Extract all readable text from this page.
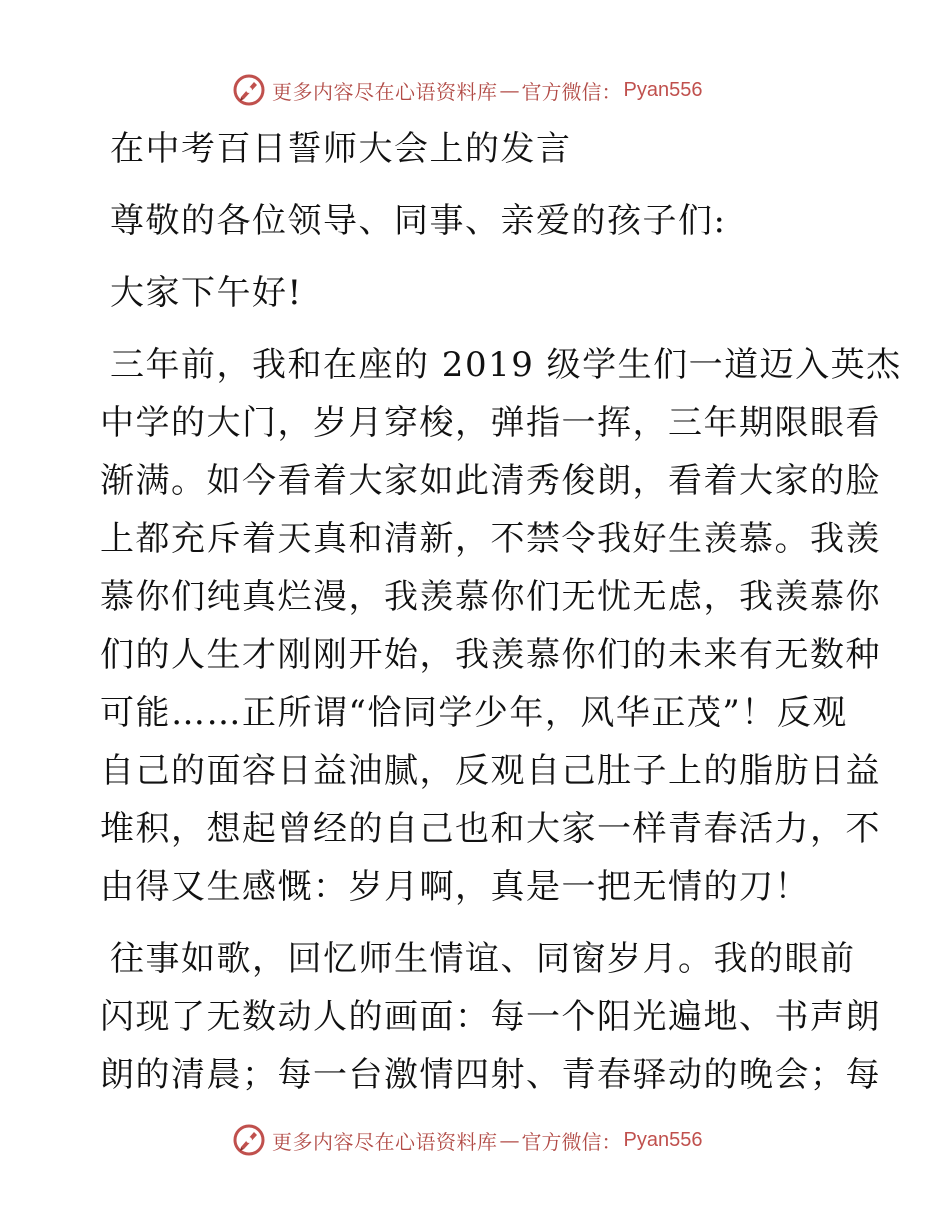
更多内容尽在心语资料库 — 官方微信： Pyan556
在中考百日誓师大会上的发言
尊敬的各位领导、同事、亲爱的孩子们:
大家下午好!

三年前，我和在座的 2019 级学生们一道迈入英杰

中学的大门，岁月穿梭，弹指一挥，三年期限眼看

渐满。如今看着大家如此清秀俊朗，看着大家的脸

上都充斥着天真和清新，不禁令我好生羡慕。我羡

慕你们纯真烂漫，我羡慕你们无忧无虑，我羡慕你

们的人生才刚刚开始，我羡慕你们的未来有无数种

可能……正所谓“恰同学少年，风华正茂”！反观

自己的面容日益油腻，反观自己肚子上的脂肪日益

堆积，想起曾经的自己也和大家一样青春活力，不

由得又生感慨：岁月啊，真是一把无情的刀！

往事如歌，回忆师生情谊、同窗岁月。我的眼前

闪现了无数动人的画面：每一个阳光遍地、书声朗

朗的清晨；每一台激情四射、青春驿动的晚会；每

更多内容尽在心语资料库 — 官方微信： Pyan556
